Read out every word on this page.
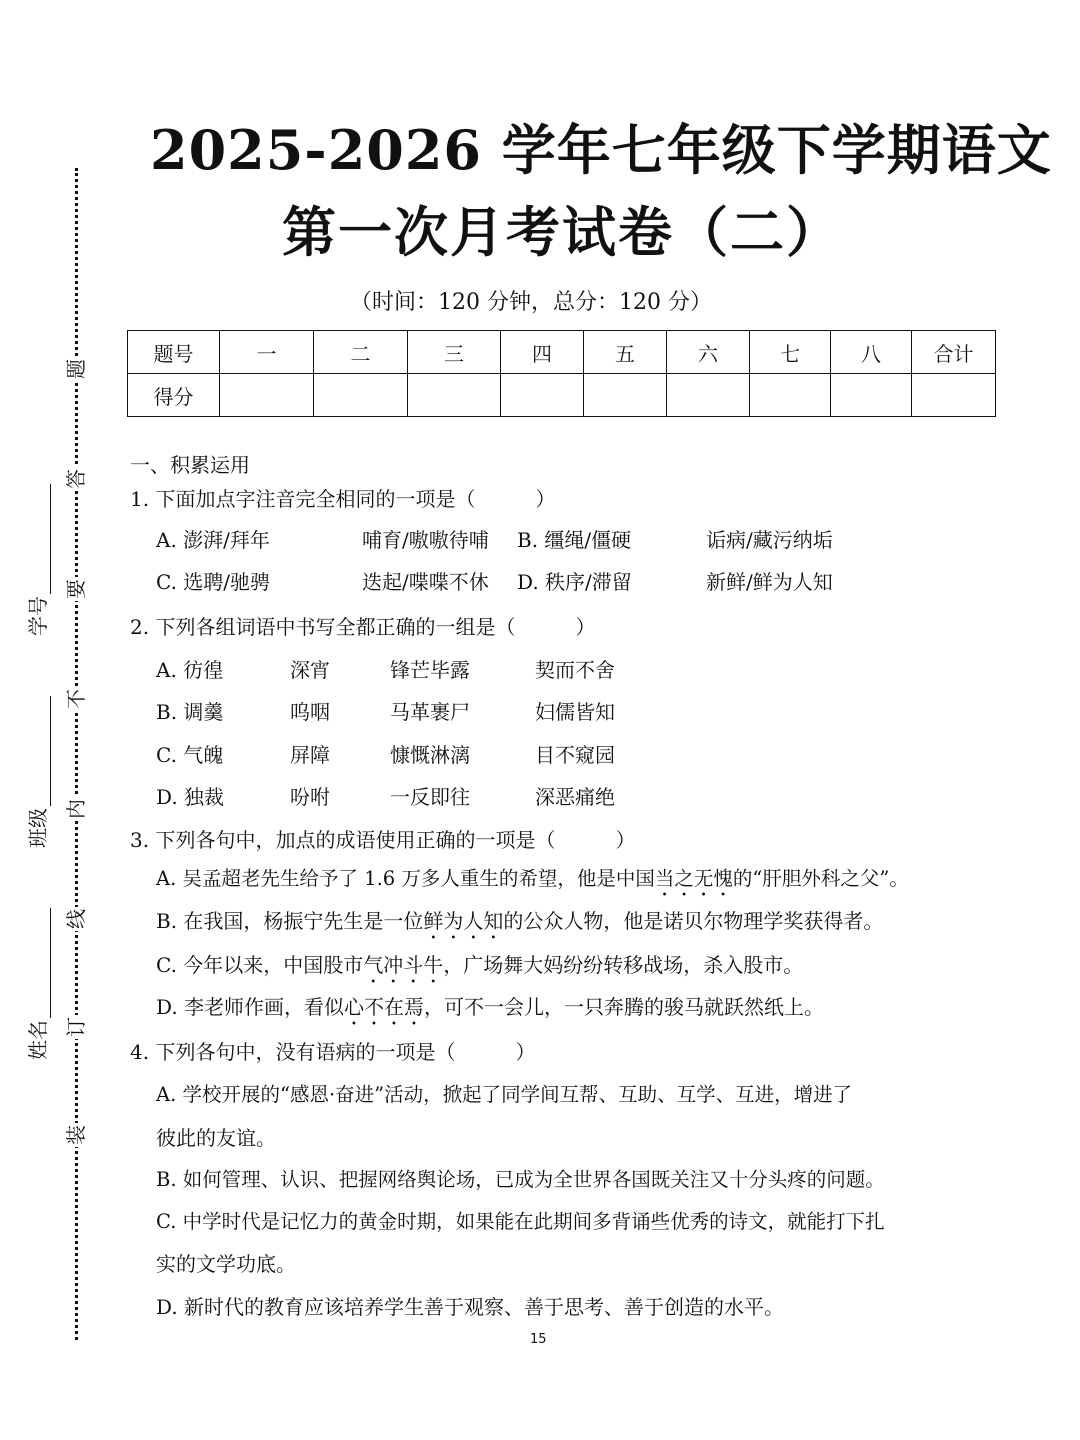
题
答
要
不
内
线
订
装
姓名
班级
学号
2025-2026 学年七年级下学期语文
第一次月考试卷（二）
（时间：120 分钟，总分：120 分）
题号	一	二	三	四	五	六	七	八	合计
得分									
一、积累运用
1. 下面加点字注音完全相同的一项是（　　　）
A. 澎湃/拜年	哺育/嗷嗷待哺 B. 缰绳/僵硬	诟病/藏污纳垢
C. 选聘/驰骋	迭起/喋喋不休 D. 秩序/滞留	新鲜/鲜为人知
2. 下列各组词语中书写全都正确的一组是（　　　）
A. 彷徨	深宵	锋芒毕露	契而不舍
B. 调羹	呜咽	马革裹尸	妇儒皆知
C. 气魄	屏障	慷慨淋漓	目不窥园
D. 独裁	吩咐	一反即往	深恶痛绝
3. 下列各句中，加点的成语使用正确的一项是（　　　）
A. 吴孟超老先生给予了 1.6 万多人重生的希望，他是中国当之无愧的“肝胆外科之父”。
B. 在我国，杨振宁先生是一位鲜为人知的公众人物，他是诺贝尔物理学奖获得者。
C. 今年以来，中国股市气冲斗牛，广场舞大妈纷纷转移战场，杀入股市。
D. 李老师作画，看似心不在焉，可不一会儿，一只奔腾的骏马就跃然纸上。
4. 下列各句中，没有语病的一项是（　　　）
A. 学校开展的“感恩·奋进”活动，掀起了同学间互帮、互助、互学、互进，增进了
彼此的友谊。
B. 如何管理、认识、把握网络舆论场，已成为全世界各国既关注又十分头疼的问题。
C. 中学时代是记忆力的黄金时期，如果能在此期间多背诵些优秀的诗文，就能打下扎
实的文学功底。
D. 新时代的教育应该培养学生善于观察、善于思考、善于创造的水平。
15
